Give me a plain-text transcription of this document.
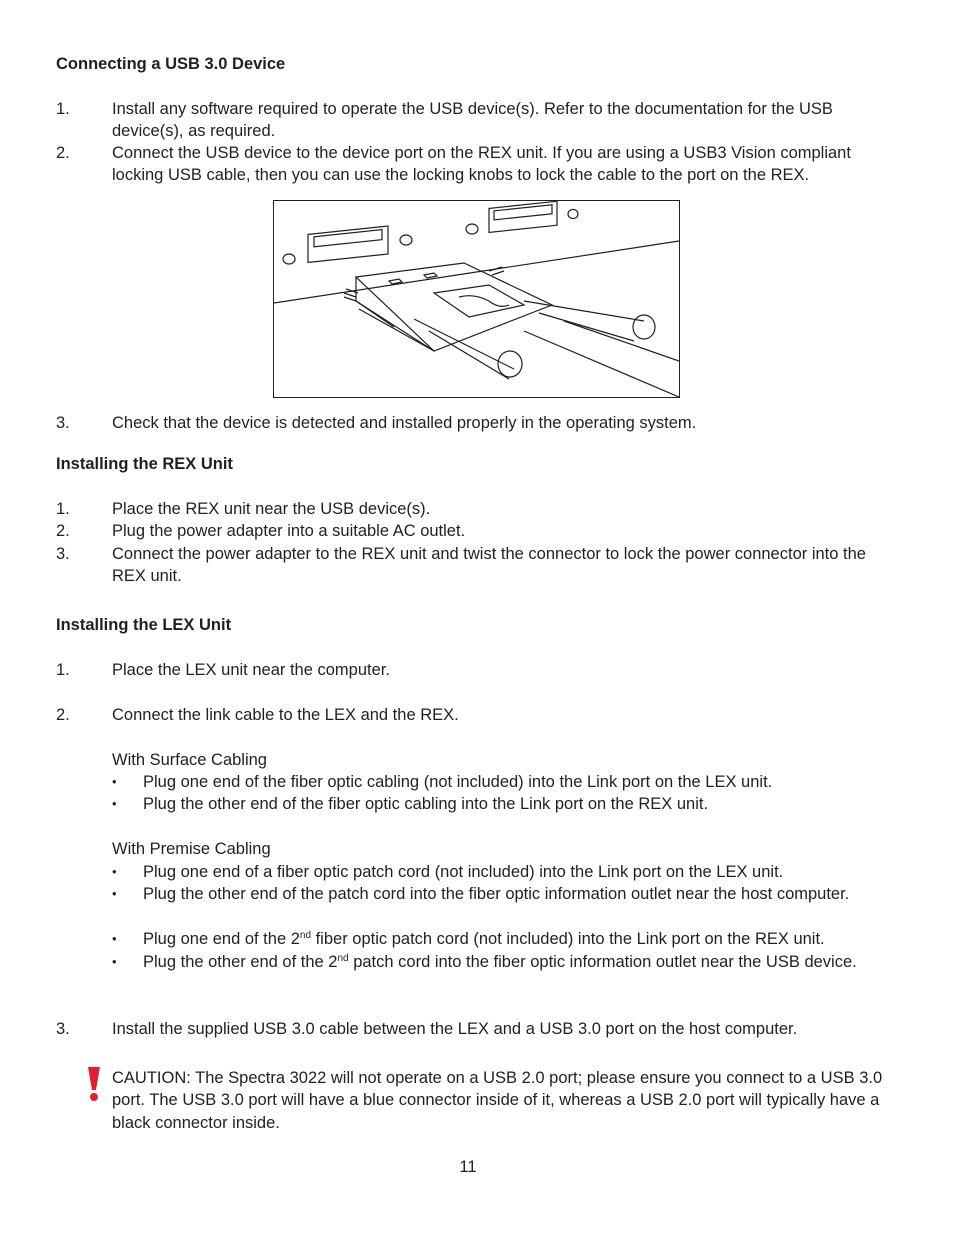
Connecting a USB 3.0 Device
1.	Install any software required to operate the USB device(s). Refer to the documentation for the USB device(s), as required.
2.	Connect the USB device to the device port on the REX unit. If you are using a USB3 Vision compliant locking USB cable, then you can use the locking knobs to lock the cable to the port on the REX.
3.	Check that the device is detected and installed properly in the operating system.
Installing the REX Unit
1.	Place the REX unit near the USB device(s).
2.	Plug the power adapter into a suitable AC outlet.
3.	Connect the power adapter to the REX unit and twist the connector to lock the power connector into the REX unit.
Installing the LEX Unit
1.	Place the LEX unit near the computer.
2.	Connect the link cable to the LEX and the REX.
With Surface Cabling
• Plug one end of the fiber optic cabling (not included) into the Link port on the LEX unit.
• Plug the other end of the fiber optic cabling into the Link port on the REX unit.
With Premise Cabling
• Plug one end of a fiber optic patch cord (not included) into the Link port on the LEX unit.
• Plug the other end of the patch cord into the fiber optic information outlet near the host computer.
• Plug one end of the 2nd fiber optic patch cord (not included) into the Link port on the REX unit.
• Plug the other end of the 2nd patch cord into the fiber optic information outlet near the USB device.
3.	Install the supplied USB 3.0 cable between the LEX and a USB 3.0 port on the host computer.
CAUTION: The Spectra 3022 will not operate on a USB 2.0 port; please ensure you connect to a USB 3.0 port. The USB 3.0 port will have a blue connector inside of it, whereas a USB 2.0 port will typically have a black connector inside.
11
